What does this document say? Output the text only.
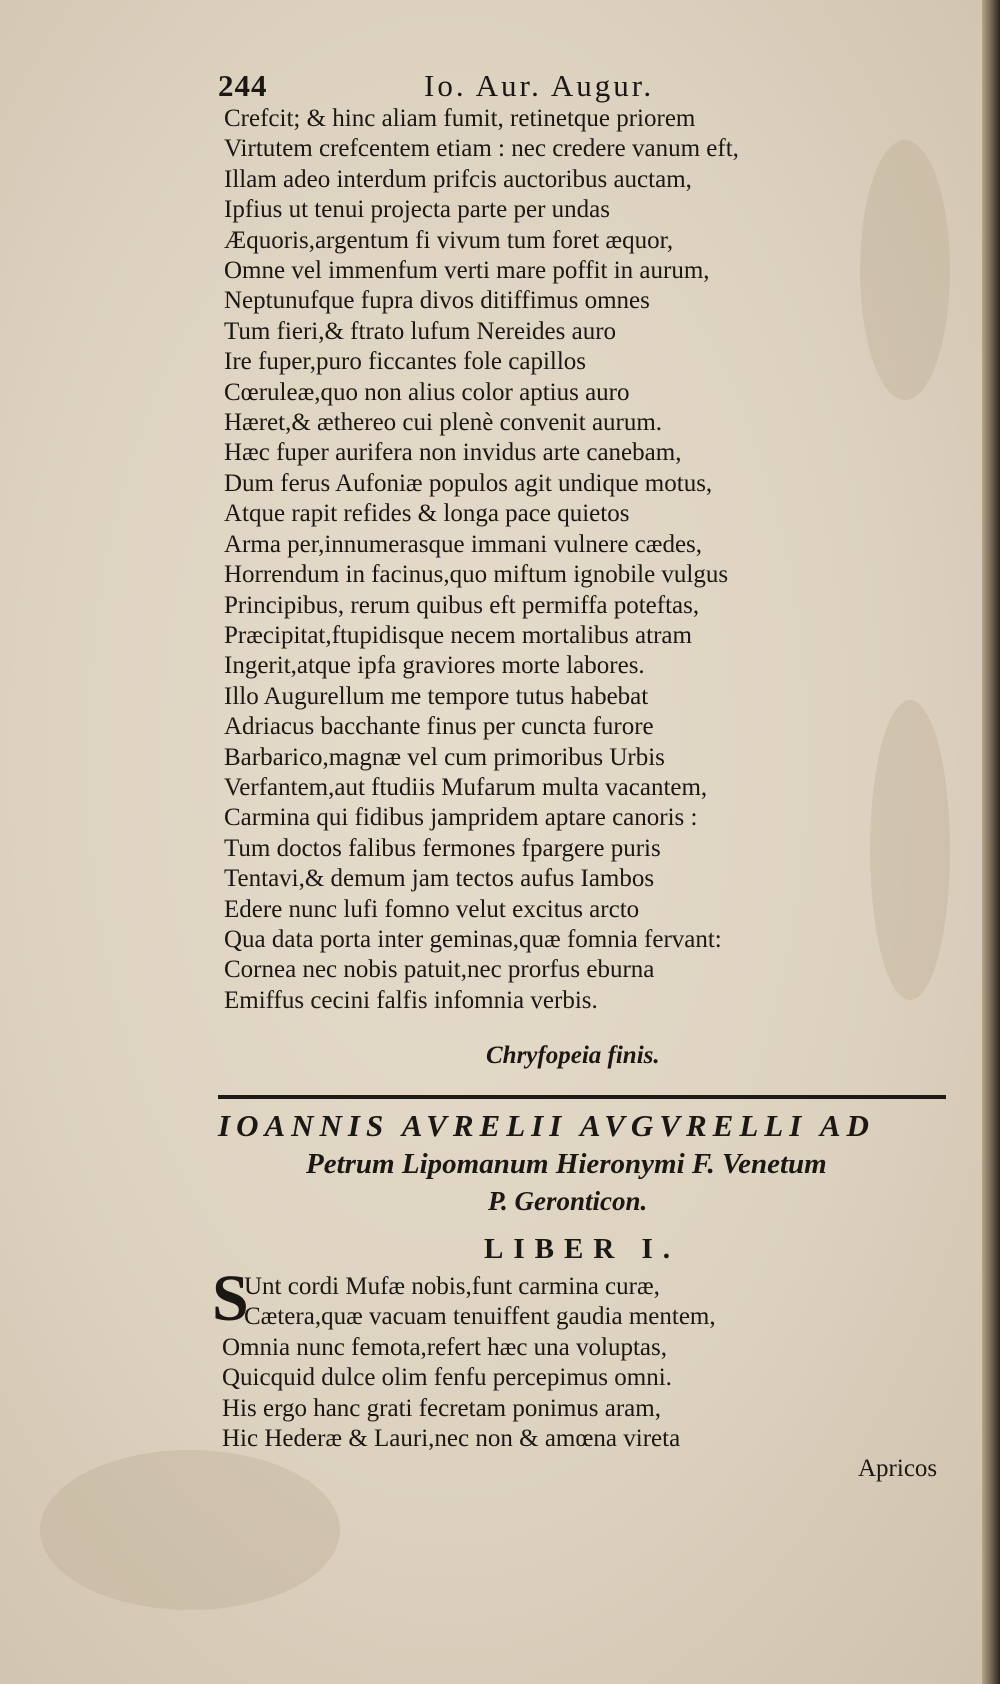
244	Io. Aur. Augur.
Crefcit; & hinc aliam fumit, retinetque priorem
Virtutem crefcentem etiam : nec credere vanum eft,
Illam adeo interdum prifcis auctoribus auctam,
Ipfius ut tenui projecta parte per undas
Æquoris,argentum fi vivum tum foret æquor,
Omne vel immenfum verti mare poffit in aurum,
Neptunufque fupra divos ditiffimus omnes
Tum fieri,& ftrato lufum Nereides auro
Ire fuper,puro ficcantes fole capillos
Cœruleæ,quo non alius color aptius auro
Hæret,& æthereo cui plenè convenit aurum.
Hæc fuper aurifera non invidus arte canebam,
Dum ferus Aufoniæ populos agit undique motus,
Atque rapit refides & longa pace quietos
Arma per,innumerasque immani vulnere cædes,
Horrendum in facinus,quo miftum ignobile vulgus
Principibus, rerum quibus eft permiffa poteftas,
Præcipitat,ftupidisque necem mortalibus atram
Ingerit,atque ipfa graviores morte labores.
Illo Augurellum me tempore tutus habebat
Adriacus bacchante finus per cuncta furore
Barbarico,magnæ vel cum primoribus Urbis
Verfantem,aut ftudiis Mufarum multa vacantem,
Carmina qui fidibus jampridem aptare canoris :
Tum doctos falibus fermones fpargere puris
Tentavi,& demum jam tectos aufus Iambos
Edere nunc lufi fomno velut excitus arcto
Qua data porta inter geminas,quæ fomnia fervant:
Cornea nec nobis patuit,nec prorfus eburna
Emiffus cecini falfis infomnia verbis.
Chryfopeia finis.
IOANNIS AVRELII AVGVRELLI AD
Petrum Lipomanum Hieronymi F. Venetum
P. Geronticon.
LIBER I.
S
Unt cordi Mufæ nobis,funt carmina curæ,
Cætera,quæ vacuam tenuiffent gaudia mentem,
Omnia nunc femota,refert hæc una voluptas,
Quicquid dulce olim fenfu percepimus omni.
His ergo hanc grati fecretam ponimus aram,
Hic Hederæ & Lauri,nec non & amœna vireta
Apricos
